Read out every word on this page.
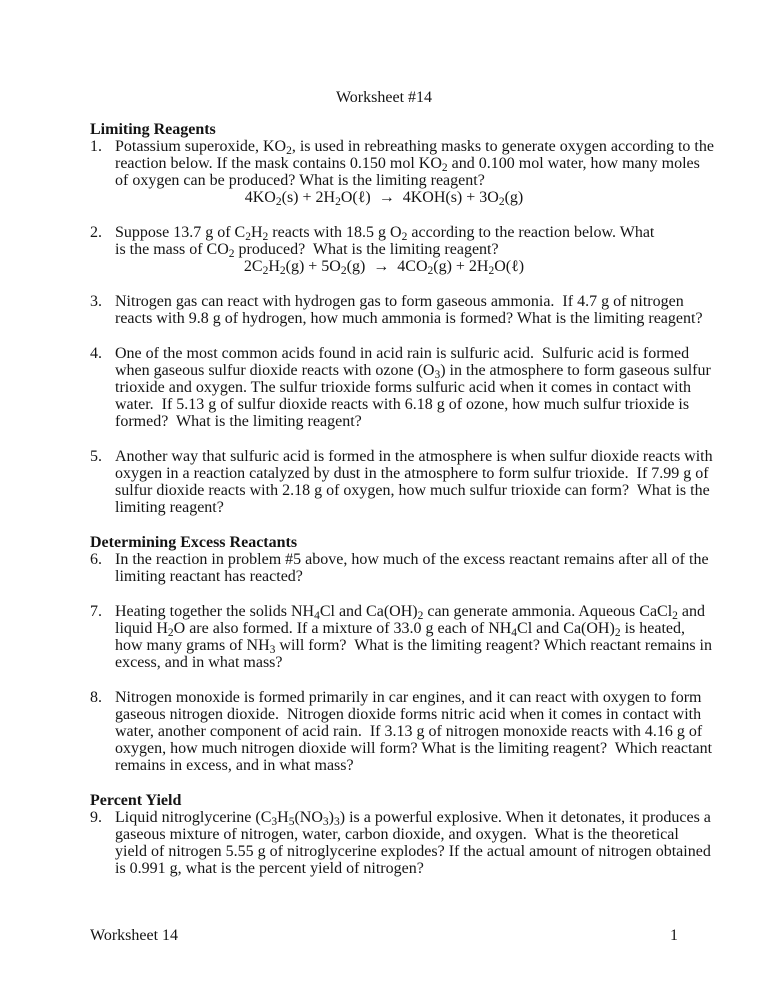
Worksheet #14
Limiting Reagents
1. Potassium superoxide, $KO_2$, is used in rebreathing masks to generate oxygen according to the
reaction below. If the mask contains 0.150 mol $KO_2$ and 0.100 mol water, how many moles
of oxygen can be produced? What is the limiting reagent?
$4KO_2(s)$ + $2H_2O(\ell) \to 4KOH(s) + 3O_2(g)$
2. Suppose 13.7 g of $C_2H_2$ reacts with 18.5 g $O_2$ according to the reaction below. What
is the mass of $CO_2$ produced?  What is the limiting reagent?
$2C_2H_2(g) + 5O_2(g) \to 4CO_2(g)$ + $2H_2O(\ell)$
3. Nitrogen gas can react with hydrogen gas to form gaseous ammonia.  If 4.7 g of nitrogen
reacts with 9.8 g of hydrogen, how much ammonia is formed? What is the limiting reagent?
4. One of the most common acids found in acid rain is sulfuric acid.  Sulfuric acid is formed
when gaseous sulfur dioxide reacts with ozone $(O_3)$ in the atmosphere to form gaseous sulfur
trioxide and oxygen. The sulfur trioxide forms sulfuric acid when it comes in contact with
water.  If 5.13 g of sulfur dioxide reacts with 6.18 g of ozone, how much sulfur trioxide is
formed?  What is the limiting reagent?
5. Another way that sulfuric acid is formed in the atmosphere is when sulfur dioxide reacts with
oxygen in a reaction catalyzed by dust in the atmosphere to form sulfur trioxide.  If 7.99 g of
sulfur dioxide reacts with 2.18 g of oxygen, how much sulfur trioxide can form?  What is the
limiting reagent?
Determining Excess Reactants
6. In the reaction in problem #5 above, how much of the excess reactant remains after all of the
limiting reactant has reacted?
7. Heating together the solids $NH_4Cl$ and $Ca(OH)_2$ can generate ammonia. Aqueous CaCl$_2$ and
liquid $H_2O$ are also formed. If a mixture of 33.0 g each of $NH_4Cl$ and $Ca(OH)_2$ is heated,
how many grams of $NH_3$ will form?  What is the limiting reagent? Which reactant remains in
excess, and in what mass?
8. Nitrogen monoxide is formed primarily in car engines, and it can react with oxygen to form
gaseous nitrogen dioxide.  Nitrogen dioxide forms nitric acid when it comes in contact with
water, another component of acid rain.  If 3.13 g of nitrogen monoxide reacts with 4.16 g of
oxygen, how much nitrogen dioxide will form? What is the limiting reagent?  Which reactant
remains in excess, and in what mass?
Percent Yield
9. Liquid nitroglycerine $(C_3H_5(NO_3)_3)$ is a powerful explosive. When it detonates, it produces a
gaseous mixture of nitrogen, water, carbon dioxide, and oxygen.  What is the theoretical
yield of nitrogen 5.55 g of nitroglycerine explodes? If the actual amount of nitrogen obtained
is 0.991 g, what is the percent yield of nitrogen?
Worksheet 14	1
